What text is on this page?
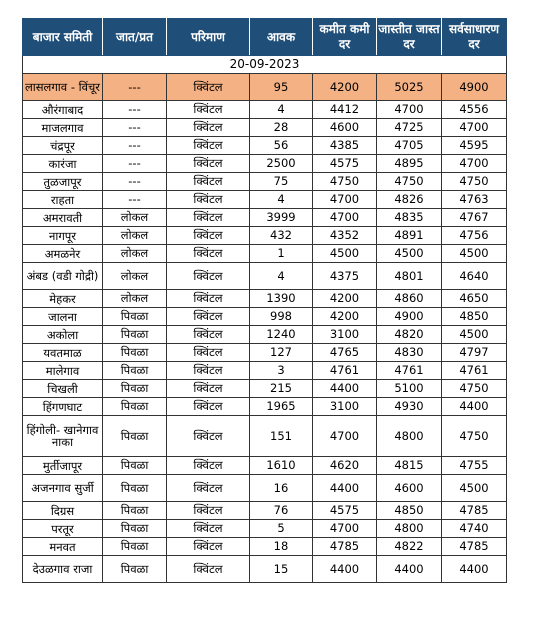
बाजार समिती	जात/प्रत	परिमाण	आवक	कमीत कमी दर	जास्तीत जास्त दर	सर्वसाधारण दर
20-09-2023						
लासलगाव - विंचूर	---	क्विंटल	95	4200	5025	4900
औरंगाबाद	---	क्विंटल	4	4412	4700	4556
माजलगाव	---	क्विंटल	28	4600	4725	4700
चंद्रपूर	---	क्विंटल	56	4385	4705	4595
कारंजा	---	क्विंटल	2500	4575	4895	4700
तुळजापूर	---	क्विंटल	75	4750	4750	4750
राहता	---	क्विंटल	4	4700	4826	4763
अमरावती	लोकल	क्विंटल	3999	4700	4835	4767
नागपूर	लोकल	क्विंटल	432	4352	4891	4756
अमळनेर	लोकल	क्विंटल	1	4500	4500	4500
अंबड (वडी गोद्री)	लोकल	क्विंटल	4	4375	4801	4640
मेहकर	लोकल	क्विंटल	1390	4200	4860	4650
जालना	पिवळा	क्विंटल	998	4200	4900	4850
अकोला	पिवळा	क्विंटल	1240	3100	4820	4500
यवतमाळ	पिवळा	क्विंटल	127	4765	4830	4797
मालेगाव	पिवळा	क्विंटल	3	4761	4761	4761
चिखली	पिवळा	क्विंटल	215	4400	5100	4750
हिंगणघाट	पिवळा	क्विंटल	1965	3100	4930	4400
हिंगोली- खानेगाव नाका	पिवळा	क्विंटल	151	4700	4800	4750
मुर्तीजापूर	पिवळा	क्विंटल	1610	4620	4815	4755
अजनगाव सुर्जी	पिवळा	क्विंटल	16	4400	4600	4500
दिग्रस	पिवळा	क्विंटल	76	4575	4850	4785
परतूर	पिवळा	क्विंटल	5	4700	4800	4740
मनवत	पिवळा	क्विंटल	18	4785	4822	4785
देउळगाव राजा	पिवळा	क्विंटल	15	4400	4400	4400
